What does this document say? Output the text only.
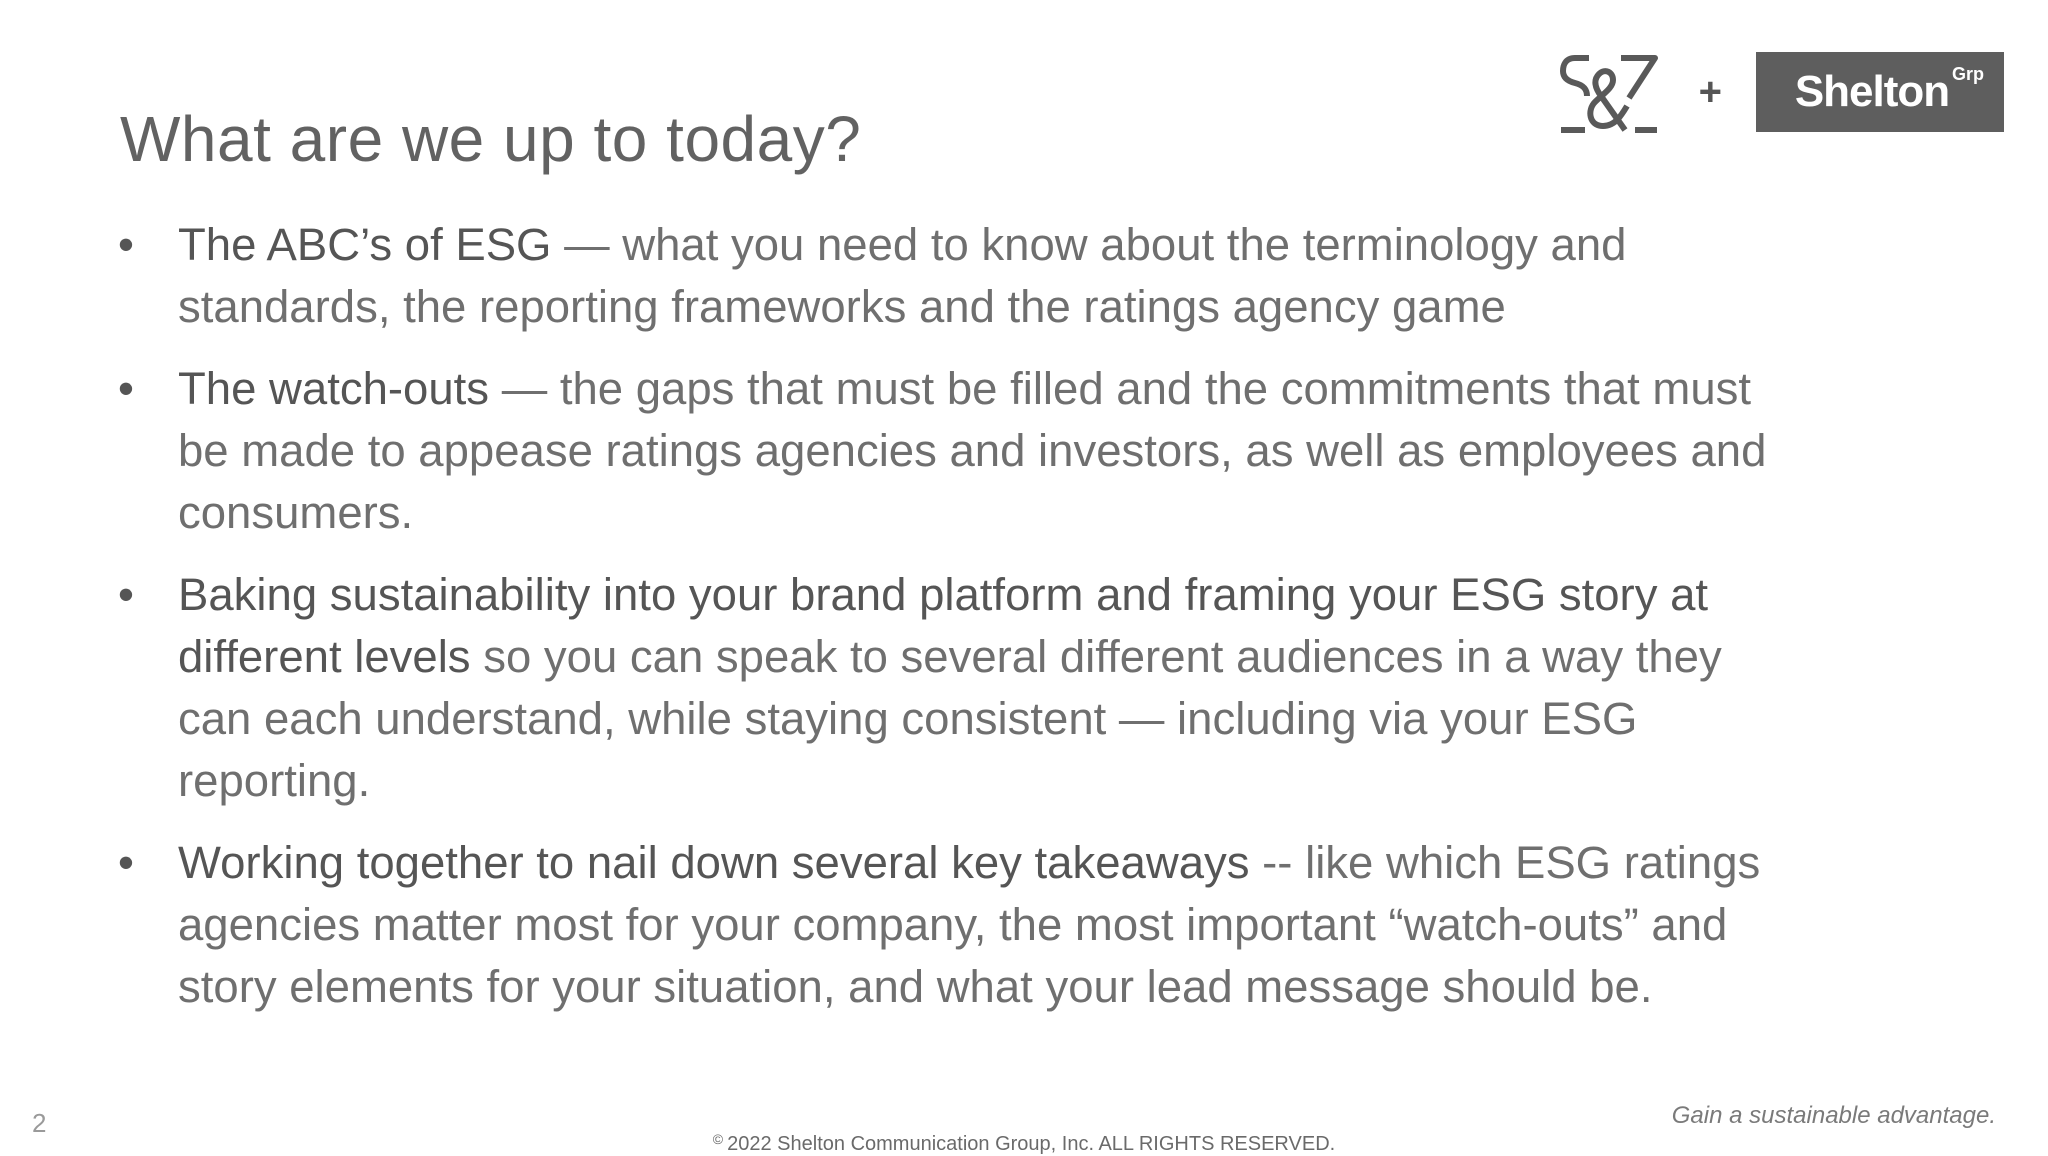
What are we up to today?
+ Shelton Grp
• The ABC’s of ESG — what you need to know about the terminology and
standards, the reporting frameworks and the ratings agency game
• The watch-outs — the gaps that must be filled and the commitments that must
be made to appease ratings agencies and investors, as well as employees and
consumers.
• Baking sustainability into your brand platform and framing your ESG story at
different levels so you can speak to several different audiences in a way they
can each understand, while staying consistent — including via your ESG
reporting.
• Working together to nail down several key takeaways -- like which ESG ratings
agencies matter most for your company, the most important “watch-outs” and
story elements for your situation, and what your lead message should be.
2	Gain a sustainable advantage.
© 2022 Shelton Communication Group, Inc. ALL RIGHTS RESERVED.
